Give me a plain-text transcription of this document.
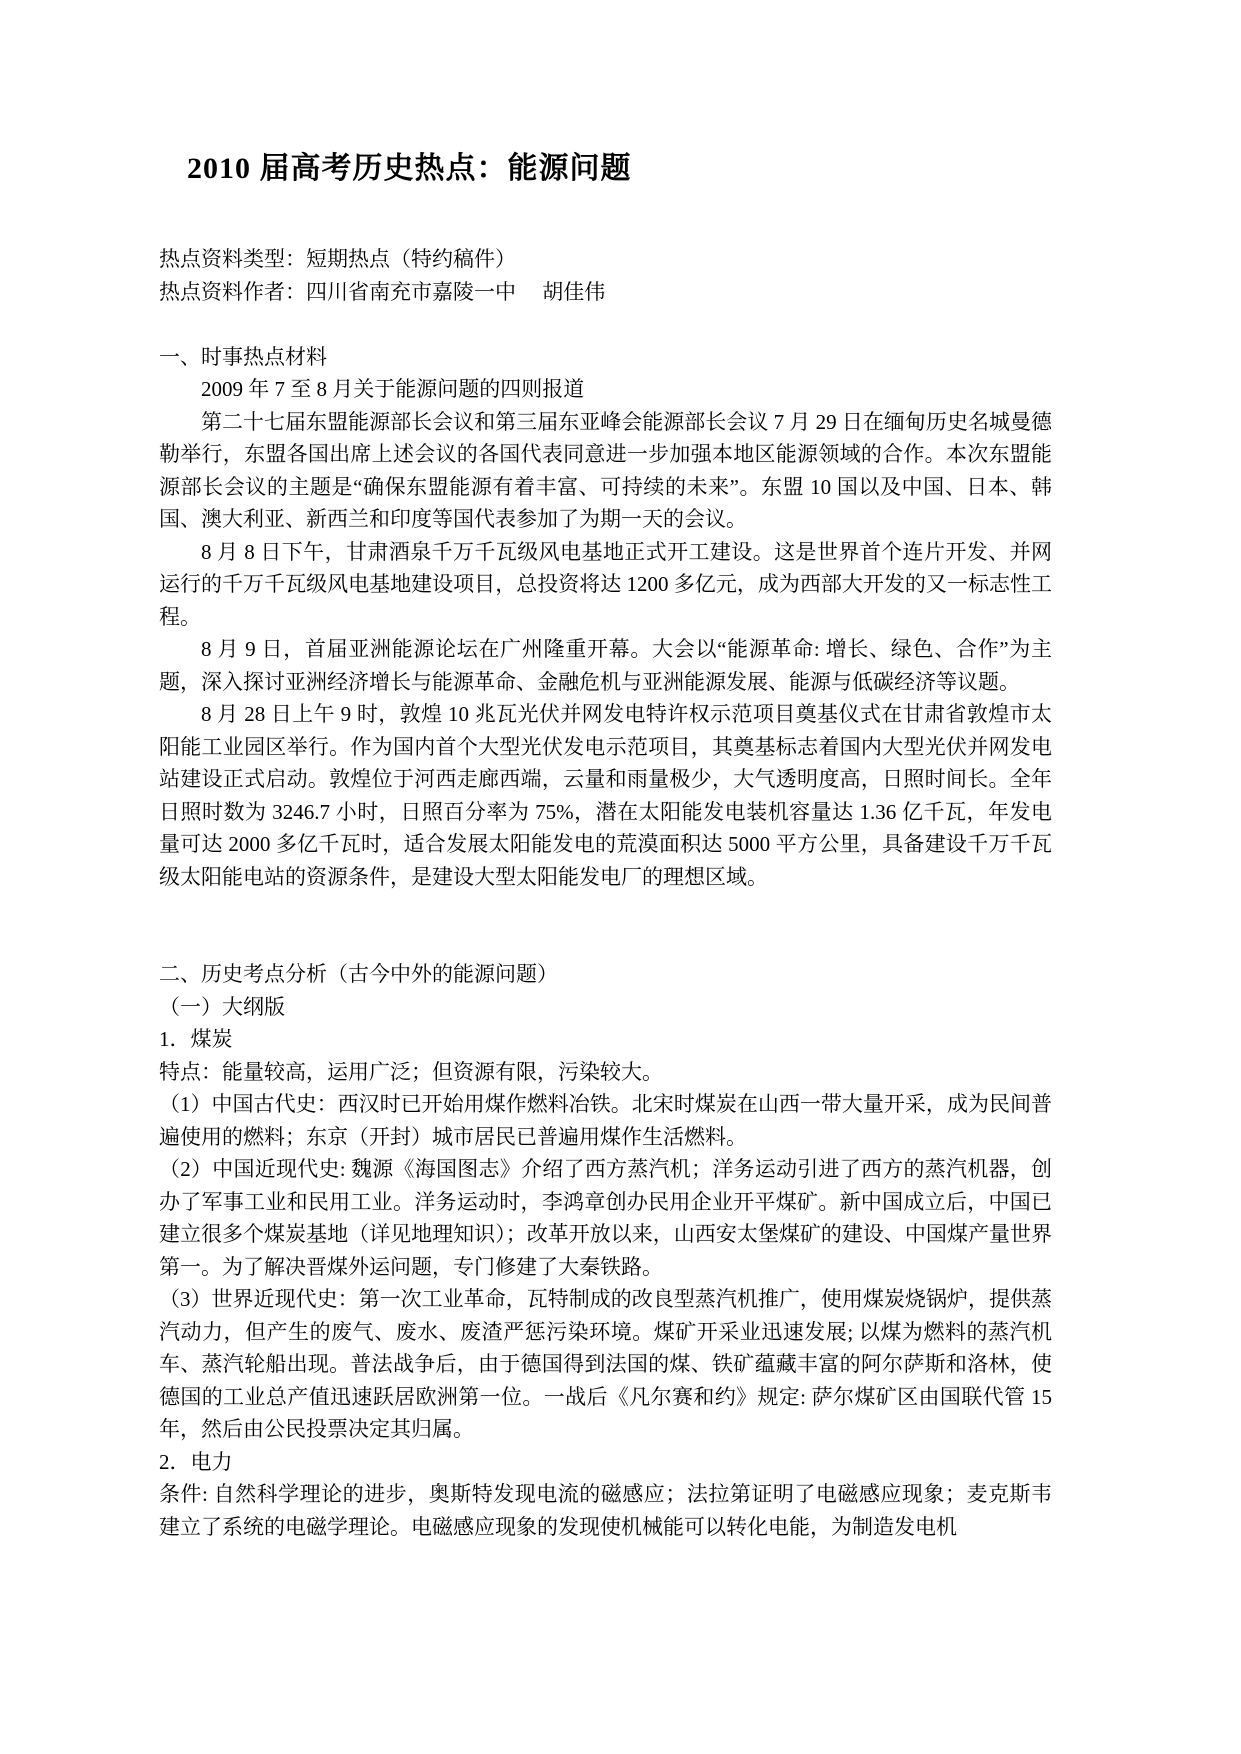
2010 届高考历史热点：能源问题

热点资料类型：短期热点（特约稿件）

热点资料作者：四川省南充市嘉陵一中　 胡佳伟

一、时事热点材料

2009 年 7 至 8 月关于能源问题的四则报道

第二十七届东盟能源部长会议和第三届东亚峰会能源部长会议 7 月 29 日在缅甸历史名城曼德勒举行，东盟各国出席上述会议的各国代表同意进一步加强本地区能源领域的合作。本次东盟能源部长会议的主题是“确保东盟能源有着丰富、可持续的未来”。东盟 10 国以及中国、日本、韩国、澳大利亚、新西兰和印度等国代表参加了为期一天的会议。

8 月 8 日下午，甘肃酒泉千万千瓦级风电基地正式开工建设。这是世界首个连片开发、并网运行的千万千瓦级风电基地建设项目，总投资将达 1200 多亿元，成为西部大开发的又一标志性工程。

8 月 9 日，首届亚洲能源论坛在广州隆重开幕。大会以“能源革命: 增长、绿色、合作”为主题，深入探讨亚洲经济增长与能源革命、金融危机与亚洲能源发展、能源与低碳经济等议题。

8 月 28 日上午 9 时，敦煌 10 兆瓦光伏并网发电特许权示范项目奠基仪式在甘肃省敦煌市太阳能工业园区举行。作为国内首个大型光伏发电示范项目，其奠基标志着国内大型光伏并网发电站建设正式启动。敦煌位于河西走廊西端，云量和雨量极少，大气透明度高，日照时间长。全年日照时数为 3246.7 小时，日照百分率为 75%，潜在太阳能发电装机容量达 1.36 亿千瓦，年发电量可达 2000 多亿千瓦时，适合发展太阳能发电的荒漠面积达 5000 平方公里，具备建设千万千瓦级太阳能电站的资源条件，是建设大型太阳能发电厂的理想区域。

二、历史考点分析（古今中外的能源问题）

（一）大纲版

1．煤炭

特点：能量较高，运用广泛；但资源有限，污染较大。

（1）中国古代史：西汉时已开始用煤作燃料冶铁。北宋时煤炭在山西一带大量开采，成为民间普遍使用的燃料；东京（开封）城市居民已普遍用煤作生活燃料。

（2）中国近现代史: 魏源《海国图志》介绍了西方蒸汽机；洋务运动引进了西方的蒸汽机器，创办了军事工业和民用工业。洋务运动时，李鸿章创办民用企业开平煤矿。新中国成立后，中国已建立很多个煤炭基地（详见地理知识）；改革开放以来，山西安太堡煤矿的建设、中国煤产量世界第一。为了解决晋煤外运问题，专门修建了大秦铁路。

（3）世界近现代史：第一次工业革命，瓦特制成的改良型蒸汽机推广，使用煤炭烧锅炉，提供蒸汽动力，但产生的废气、废水、废渣严惩污染环境。煤矿开采业迅速发展; 以煤为燃料的蒸汽机车、蒸汽轮船出现。普法战争后，由于德国得到法国的煤、铁矿蕴藏丰富的阿尔萨斯和洛林，使德国的工业总产值迅速跃居欧洲第一位。一战后《凡尔赛和约》规定: 萨尔煤矿区由国联代管 15 年，然后由公民投票决定其归属。

2．电力

条件: 自然科学理论的进步，奥斯特发现电流的磁感应；法拉第证明了电磁感应现象；麦克斯韦建立了系统的电磁学理论。电磁感应现象的发现使机械能可以转化电能，为制造发电机
